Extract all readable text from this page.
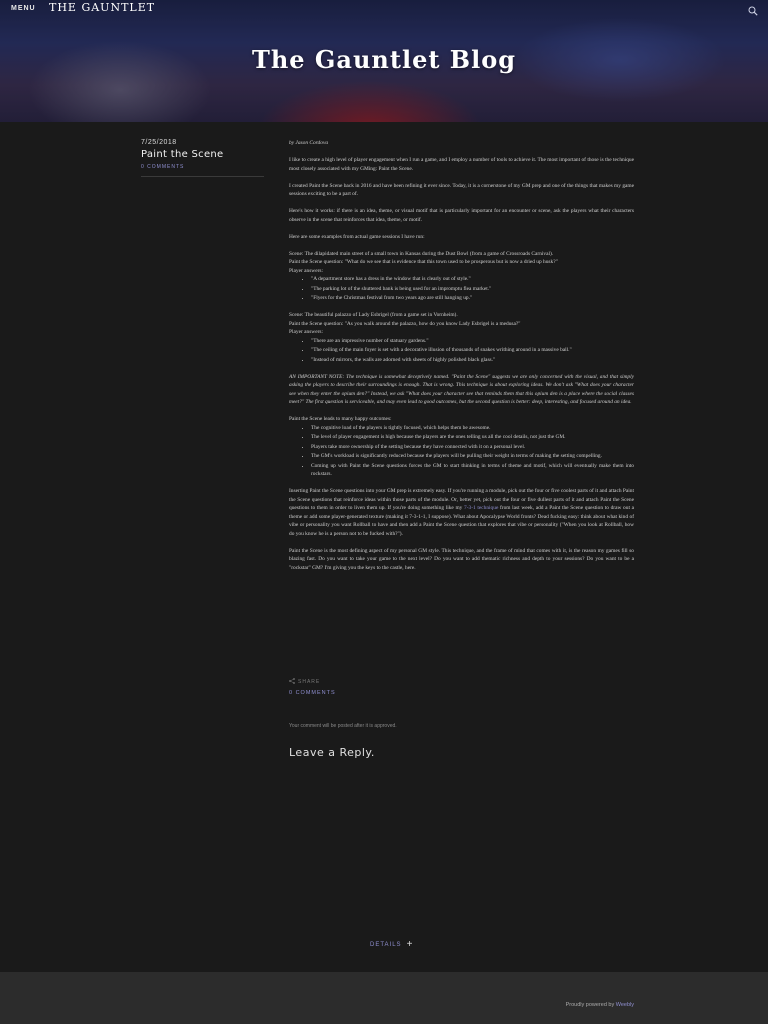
MENU THE GAUNTLET
The Gauntlet Blog
7/25/2018
Paint the Scene
0 COMMENTS

by Jason Cordova

I like to create a high level of player engagement when I run a game, and I employ a number of tools to achieve it. The most important of those is the technique most closely associated with my GMing: Paint the Scene.

I created Paint the Scene back in 2016 and have been refining it ever since. Today, it is a cornerstone of my GM prep and one of the things that makes my game sessions exciting to be a part of.

Here's how it works: if there is an idea, theme, or visual motif that is particularly important for an encounter or scene, ask the players what their characters observe in the scene that reinforces that idea, theme, or motif.

Here are some examples from actual game sessions I have run:

Scene: The dilapidated main street of a small town in Kansas during the Dust Bowl (from a game of Crossroads Carnival).

Paint the Scene question: "What do we see that is evidence that this town used to be prosperous but is now a dried up husk?"

Player answers:

• "A department store has a dress in the window that is clearly out of style."
• "The parking lot of the shuttered bank is being used for an impromptu flea market."
• "Flyers for the Christmas festival from two years ago are still hanging up."

Scene: The beautiful palazzo of Lady Esbrigel (from a game set in Vornheim).

Paint the Scene question: "As you walk around the palazzo, how do you know Lady Esbrigel is a medusa?"

Player answers:

• "There are an impressive number of statuary gardens."
• "The ceiling of the main foyer is set with a decorative illusion of thousands of snakes writhing around in a massive ball."
• "Instead of mirrors, the walls are adorned with sheets of highly polished black glass."

AN IMPORTANT NOTE: The technique is somewhat deceptively named. "Paint the Scene" suggests we are only concerned with the visual, and that simply asking the players to describe their surroundings is enough. That is wrong. This technique is about exploring ideas. We don't ask "What does your character see when they enter the opium den?" Instead, we ask "What does your character see that reminds them that this opium den is a place where the social classes meet?" The first question is serviceable, and may even lead to good outcomes, but the second question is better: deep, interesting, and focused around an idea.

Paint the Scene leads to many happy outcomes:

• The cognitive load of the players is tightly focused, which helps them be awesome.
• The level of player engagement is high because the players are the ones telling us all the cool details, not just the GM.
• Players take more ownership of the setting because they have connected with it on a personal level.
• The GM's workload is significantly reduced because the players will be pulling their weight in terms of making the setting compelling.
• Coming up with Paint the Scene questions forces the GM to start thinking in terms of theme and motif, which will eventually make them into rockstars.

Inserting Paint the Scene questions into your GM prep is extremely easy. If you're running a module, pick out the four or five coolest parts of it and attach Paint the Scene questions that reinforce ideas within those parts of the module. Or, better yet, pick out the four or five dullest parts of it and attach Paint the Scene questions to them in order to liven them up. If you're doing something like my 7-3-1 technique from last week, add a Paint the Scene question to draw out a theme or add some player-generated texture (making it 7-3-1-1, I suppose). What about Apocalypse World fronts? Dead fucking easy: think about what kind of vibe or personality you want Rollball to have and then add a Paint the Scene question that explores that vibe or personality ("When you look at Rollball, how do you know he is a person not to be fucked with?").

Paint the Scene is the most defining aspect of my personal GM style. This technique, and the frame of mind that comes with it, is the reason my games fill so blazing fast. Do you want to take your game to the next level? Do you want to add thematic richness and depth to your sessions? Do you want to be a "rockstar" GM? I'm giving you the keys to the castle, here.

SHARE
0 COMMENTS
Your comment will be posted after it is approved.
Leave a Reply.
DETAILS +
Proudly powered by Weebly
